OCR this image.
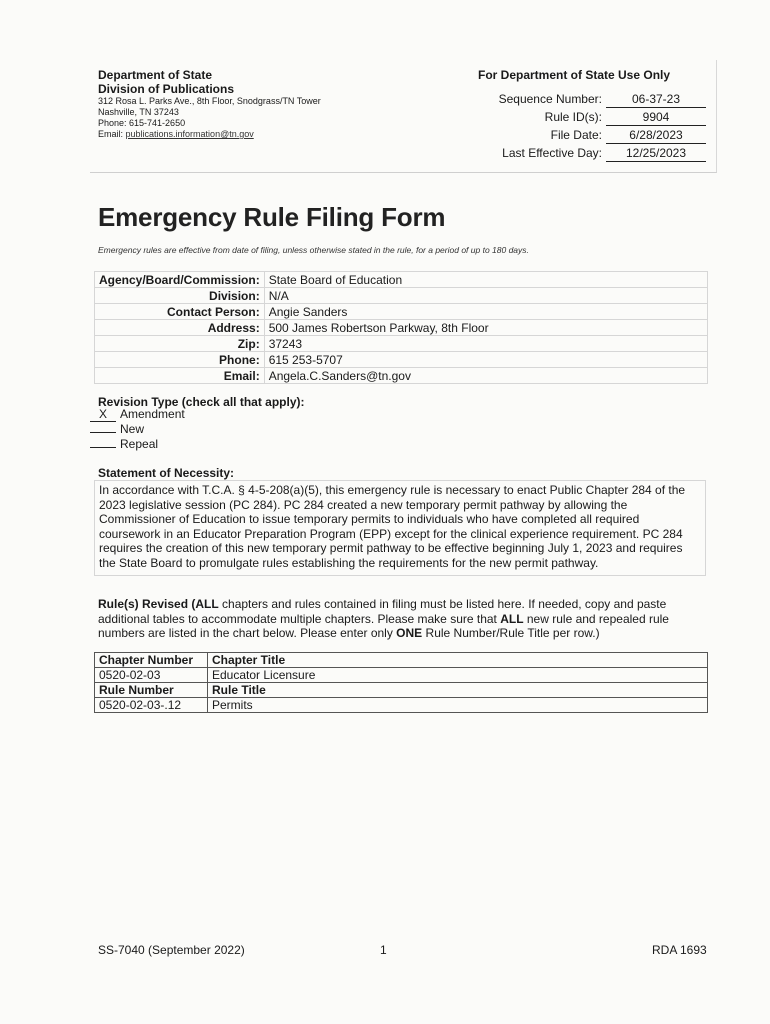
Department of State
Division of Publications
312 Rosa L. Parks Ave., 8th Floor, Snodgrass/TN Tower
Nashville, TN 37243
Phone: 615-741-2650
Email: publications.information@tn.gov
For Department of State Use Only
Sequence Number:	06-37-23
Rule ID(s):	9904
File Date:	6/28/2023
Last Effective Day:	12/25/2023
Emergency Rule Filing Form
Emergency rules are effective from date of filing, unless otherwise stated in the rule, for a period of up to 180 days.
Agency/Board/Commission:	State Board of Education
Division:	N/A
Contact Person:	Angie Sanders
Address:	500 James Robertson Parkway, 8th Floor
Zip:	37243
Phone:	615 253-5707
Email:	Angela.C.Sanders@tn.gov
Revision Type (check all that apply):
X Amendment
New
Repeal
Statement of Necessity:
In accordance with T.C.A. § 4-5-208(a)(5), this emergency rule is necessary to enact Public Chapter 284 of the 2023 legislative session (PC 284). PC 284 created a new temporary permit pathway by allowing the Commissioner of Education to issue temporary permits to individuals who have completed all required coursework in an Educator Preparation Program (EPP) except for the clinical experience requirement. PC 284 requires the creation of this new temporary permit pathway to be effective beginning July 1, 2023 and requires the State Board to promulgate rules establishing the requirements for the new permit pathway.
Rule(s) Revised (ALL chapters and rules contained in filing must be listed here. If needed, copy and paste additional tables to accommodate multiple chapters. Please make sure that ALL new rule and repealed rule numbers are listed in the chart below. Please enter only ONE Rule Number/Rule Title per row.)
Chapter Number	Chapter Title
0520-02-03	Educator Licensure
Rule Number	Rule Title
0520-02-03-.12	Permits
SS-7040 (September 2022)	1	RDA 1693
